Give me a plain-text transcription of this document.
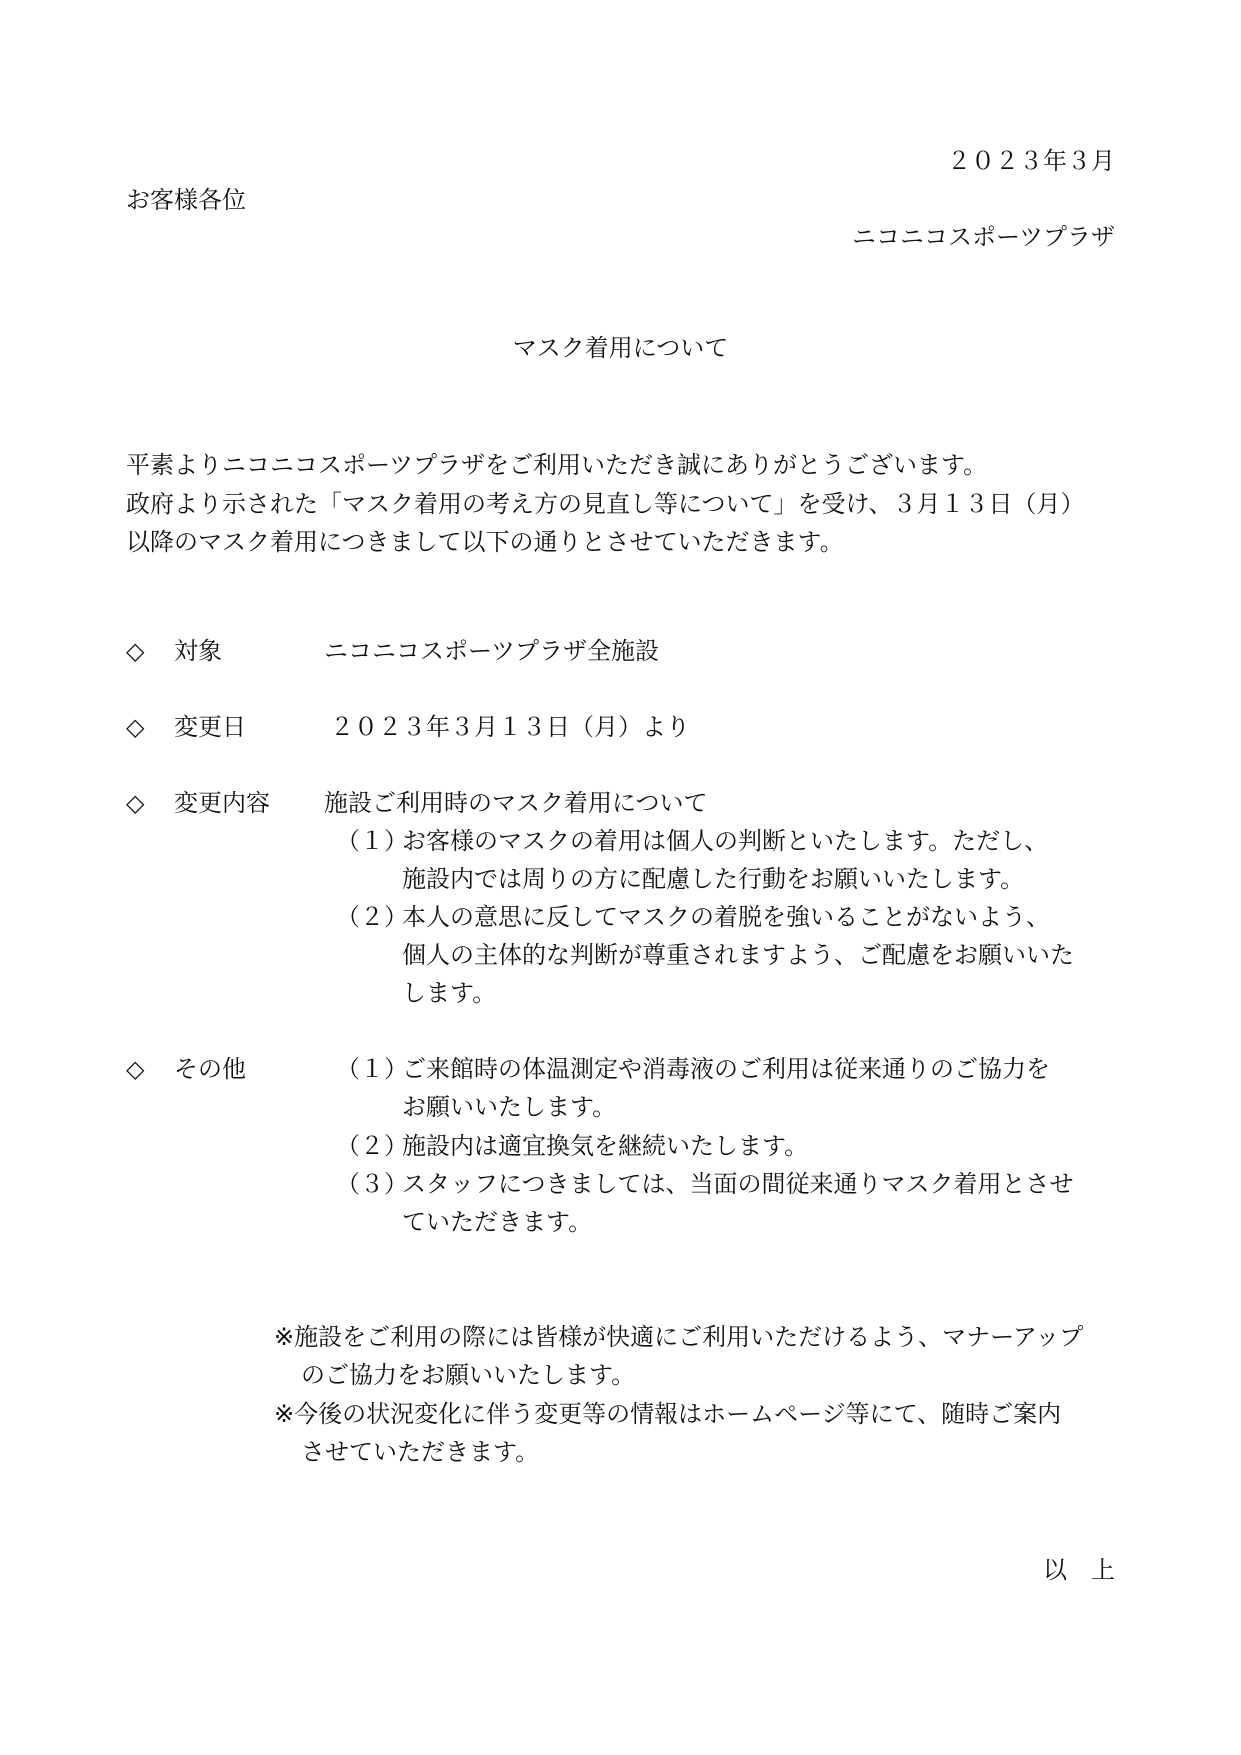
２０２３年３月
お客様各位
ニコニコスポーツプラザ
マスク着用について
平素よりニコニコスポーツプラザをご利用いただき誠にありがとうございます。
政府より示された「マスク着用の考え方の見直し等について」を受け、３月１３日（月）
以降のマスク着用につきまして以下の通りとさせていただきます。
◇	対象	ニコニコスポーツプラザ全施設
◇	変更日	２０２３年３月１３日（月）より
◇	変更内容 施設ご利用時のマスク着用について
（１）
お客様のマスクの着用は個人の判断といたします。ただし、
施設内では周りの方に配慮した行動をお願いいたします。
（２）
本人の意思に反してマスクの着脱を強いることがないよう、
個人の主体的な判断が尊重されますよう、ご配慮をお願いいた
します。
◇	その他	（１）
ご来館時の体温測定や消毒液のご利用は従来通りのご協力を
お願いいたします。
（２）
施設内は適宜換気を継続いたします。
（３）
スタッフにつきましては、当面の間従来通りマスク着用とさせ
ていただきます。
※施設をご利用の際には皆様が快適にご利用いただけるよう、マナーアップ
のご協力をお願いいたします。
※今後の状況変化に伴う変更等の情報はホームページ等にて、随時ご案内
させていただきます。
以　上
